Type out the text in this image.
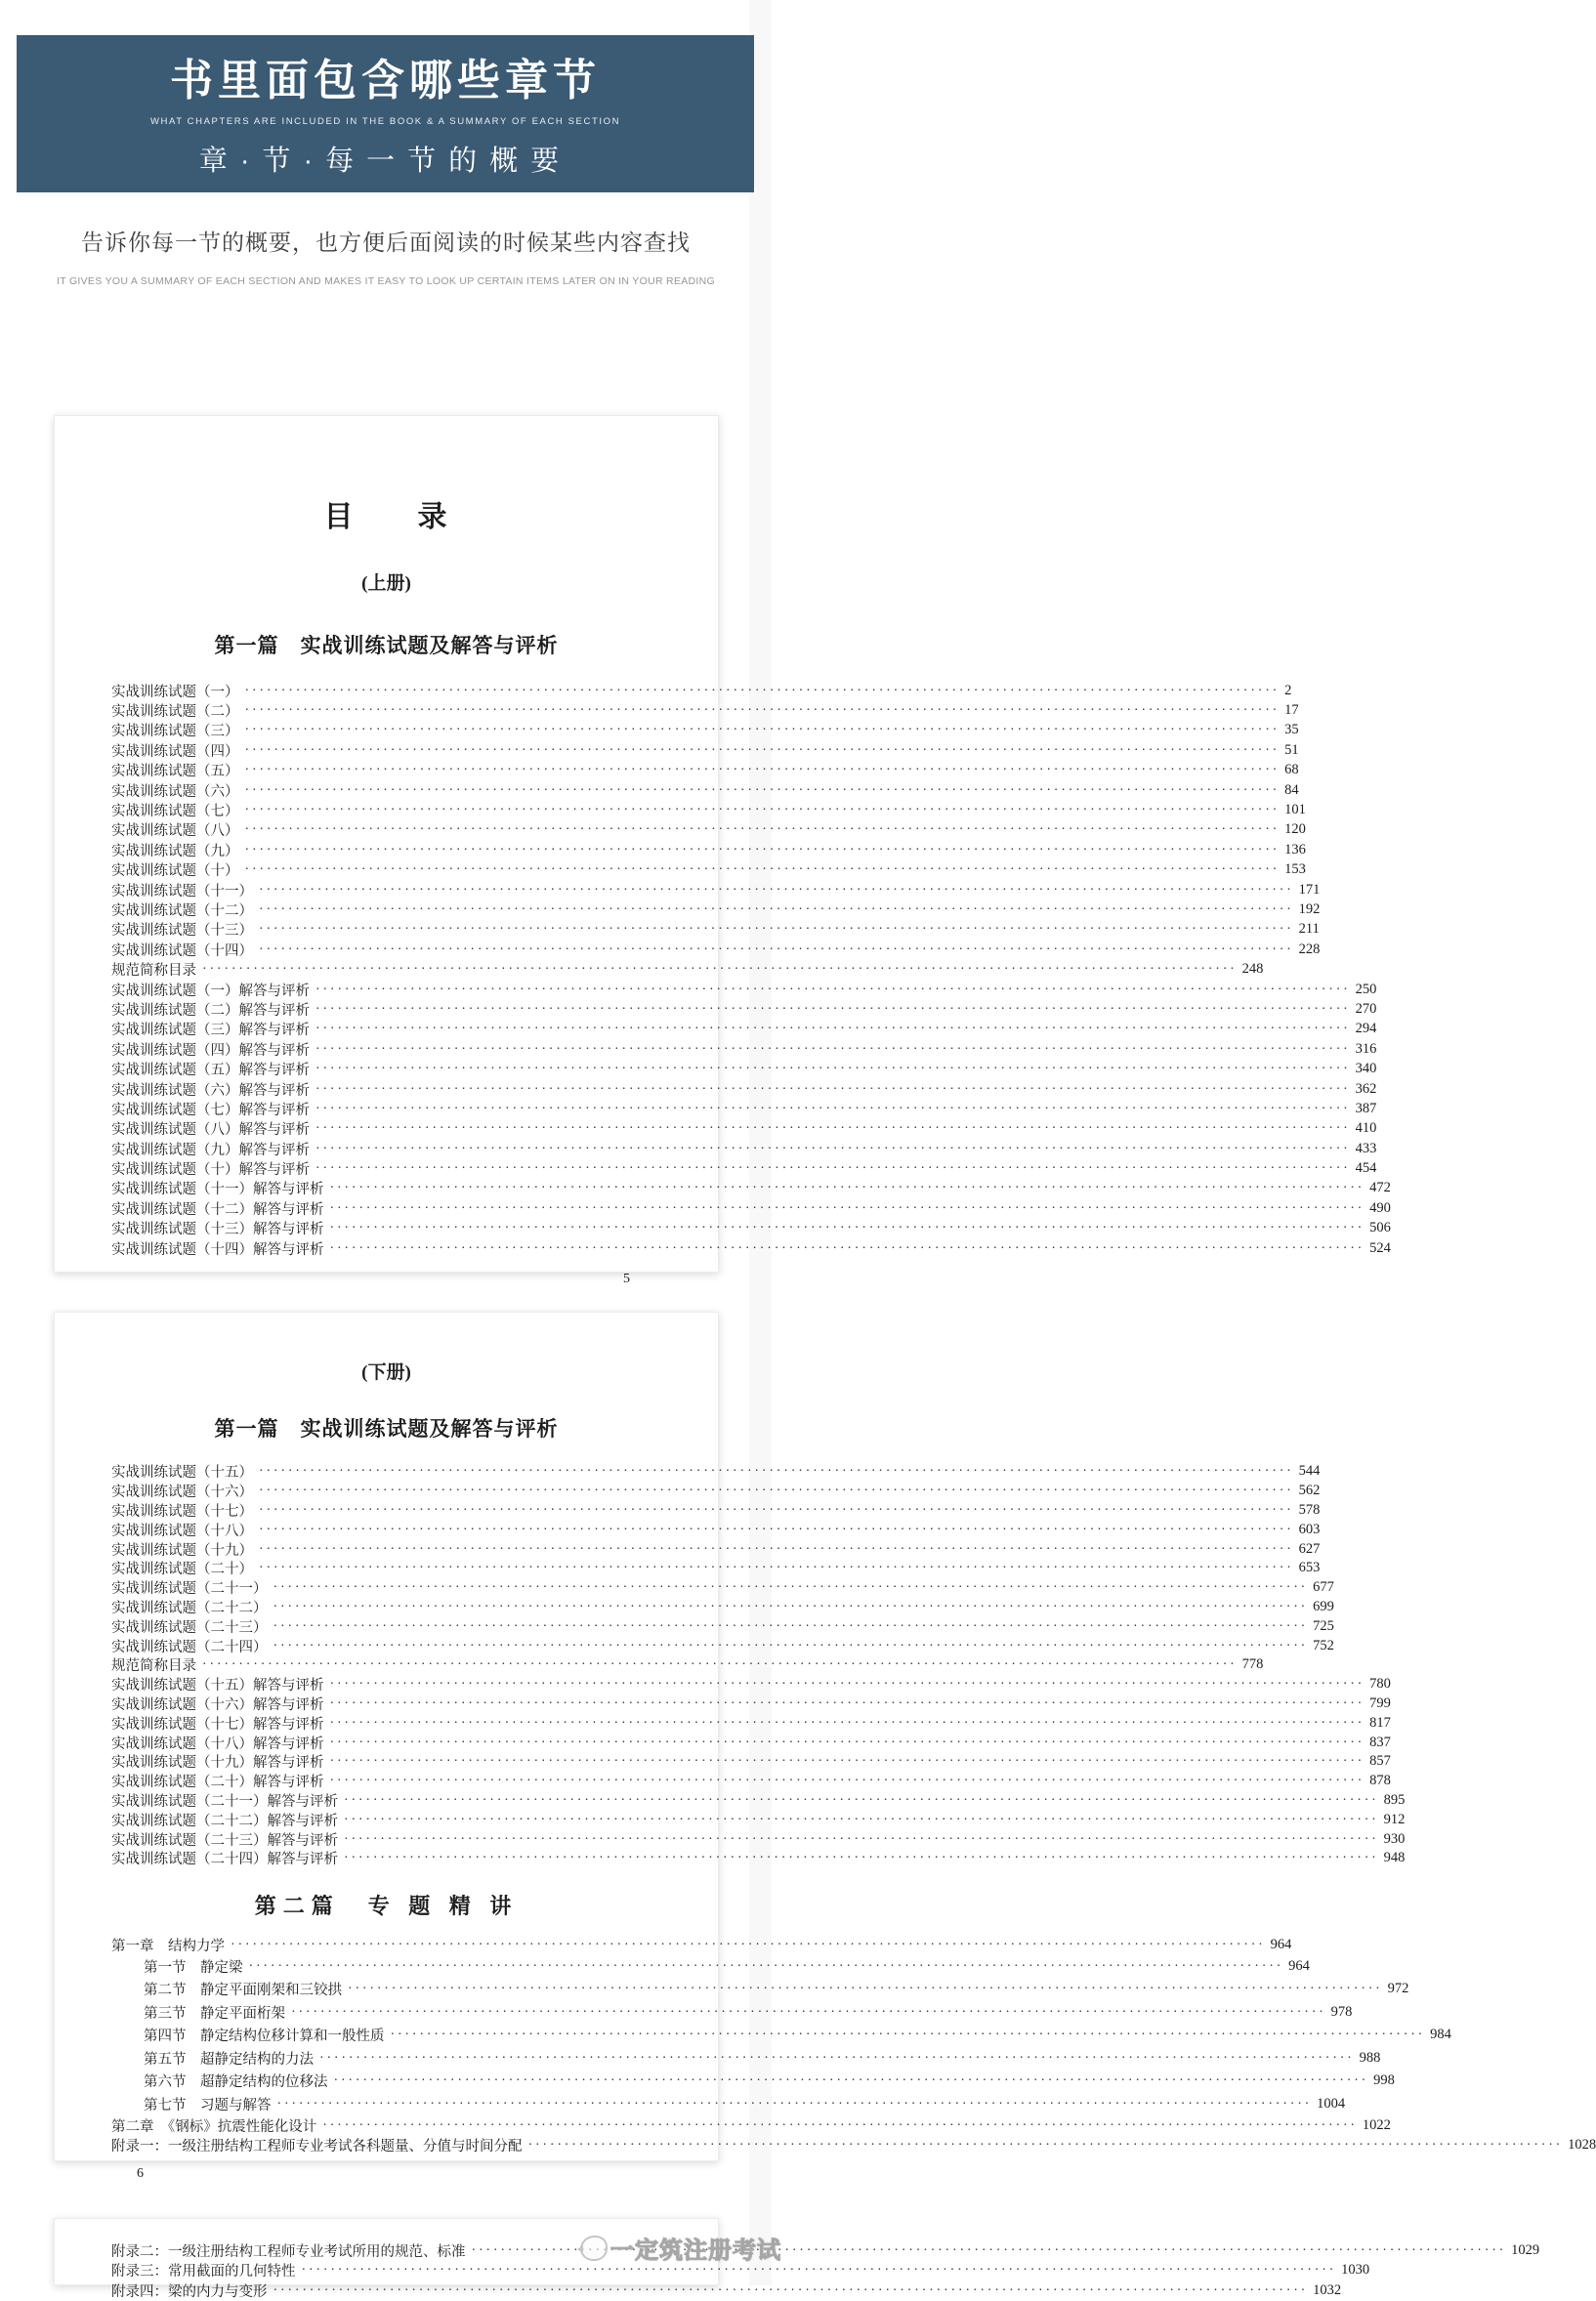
书里面包含哪些章节
WHAT CHAPTERS ARE INCLUDED IN THE BOOK & A SUMMARY OF EACH SECTION
章·节·每一节的概要
告诉你每一节的概要，也方便后面阅读的时候某些内容查找
IT GIVES YOU A SUMMARY OF EACH SECTION AND MAKES IT EASY TO LOOK UP CERTAIN ITEMS LATER ON IN YOUR READING
目　　录
(上册)
第一篇　实战训练试题及解答与评析
实战训练试题（一） ·····	2
实战训练试题（二） ·····	17
实战训练试题（三） ·····	35
实战训练试题（四） ·····	51
实战训练试题（五） ·····	68
实战训练试题（六） ·····	84
实战训练试题（七） ·····	101
实战训练试题（八） ·····	120
实战训练试题（九） ·····	136
实战训练试题（十） ·····	153
实战训练试题（十一） ·····	171
实战训练试题（十二） ·····	192
实战训练试题（十三） ·····	211
实战训练试题（十四） ·····	228
规范简称目录 ·····	248
实战训练试题（一）解答与评析 ·····	250
实战训练试题（二）解答与评析 ·····	270
实战训练试题（三）解答与评析 ·····	294
实战训练试题（四）解答与评析 ·····	316
实战训练试题（五）解答与评析 ·····	340
实战训练试题（六）解答与评析 ·····	362
实战训练试题（七）解答与评析 ·····	387
实战训练试题（八）解答与评析 ·····	410
实战训练试题（九）解答与评析 ·····	433
实战训练试题（十）解答与评析 ·····	454
实战训练试题（十一）解答与评析 ·····	472
实战训练试题（十二）解答与评析 ·····	490
实战训练试题（十三）解答与评析 ·····	506
实战训练试题（十四）解答与评析 ·····	524
5
(下册)
第一篇　实战训练试题及解答与评析
实战训练试题（十五） ·····	544
实战训练试题（十六） ·····	562
实战训练试题（十七） ·····	578
实战训练试题（十八） ·····	603
实战训练试题（十九） ·····	627
实战训练试题（二十） ·····	653
实战训练试题（二十一） ·····	677
实战训练试题（二十二） ·····	699
实战训练试题（二十三） ·····	725
实战训练试题（二十四） ·····	752
规范简称目录 ·····	778
实战训练试题（十五）解答与评析 ·····	780
实战训练试题（十六）解答与评析 ·····	799
实战训练试题（十七）解答与评析 ·····	817
实战训练试题（十八）解答与评析 ·····	837
实战训练试题（十九）解答与评析 ·····	857
实战训练试题（二十）解答与评析 ·····	878
实战训练试题（二十一）解答与评析 ·····	895
实战训练试题（二十二）解答与评析 ·····	912
实战训练试题（二十三）解答与评析 ·····	930
实战训练试题（二十四）解答与评析 ·····	948
第二篇　专 题 精 讲
第一章　结构力学 ·····	964
第一节　静定梁 ·····	964
第二节　静定平面刚架和三铰拱 ·····	972
第三节　静定平面桁架 ·····	978
第四节　静定结构位移计算和一般性质 ·····	984
第五节　超静定结构的力法 ·····	988
第六节　超静定结构的位移法 ·····	998
第七节　习题与解答 ·····	1004
第二章　《钢标》抗震性能化设计 ·····	1022
附录一：一级注册结构工程师专业考试各科题量、分值与时间分配 ·····	1028
6
附录二：一级注册结构工程师专业考试所用的规范、标准 ·····	1029
附录三：常用截面的几何特性 ·····	1030
附录四：梁的内力与变形 ·····	1032
一定筑注册考试
